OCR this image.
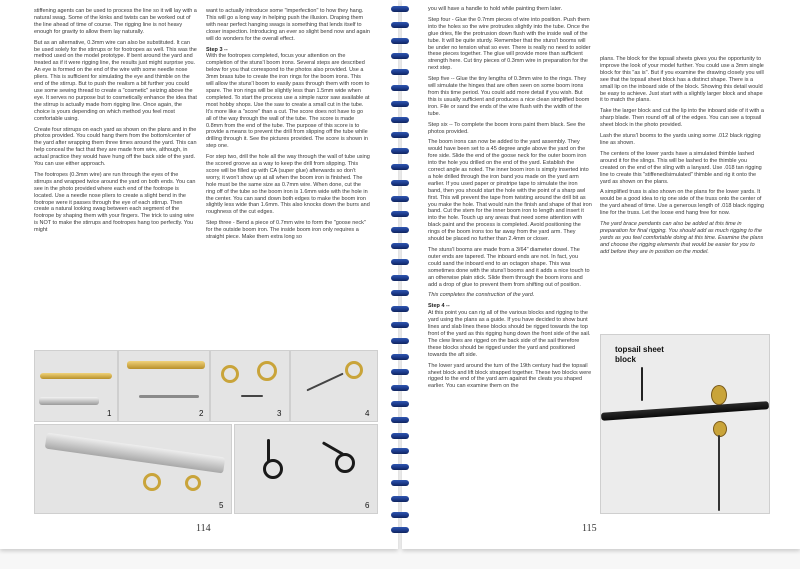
stiffening agents can be used to process the line so it will lay with a natural swag. Some of the kinks and twists can be worked out of the line ahead of time of course. The rigging line is not heavy enough for gravity to allow them lay naturally.

But as an alternative, 0.3mm wire can also be substituted. It can be used solely for the stirrups or for footropes as well. This was the method used on the model prototype. If bent around the yard and treated as if it were rigging line, the results just might surprise you. An eye is formed on the end of the wire with some needle nose pliers. This is sufficient for simulating the eye and thimble on the end of the stirrup. But to push the realism a bit further you could use some sewing thread to create a "cosmetic" seizing above the eye. It serves no purpose but to cosmetically enhance the idea that the stirrup is actually made from rigging line. Once again, the choice is yours depending on which method you feel most comfortable using.

Create four stirrups on each yard as shown on the plans and in the photos provided. You could hang them from the bottom/center of the yard after wrapping them three times around the yard. This can help conceal the fact that they are made from wire, although, in actual practice they would have hung off the back side of the yard. You can use either approach.

The footropes (0.3mm wire) are run through the eyes of the stirrups and wrapped twice around the yard on both ends. You can see in the photo provided where each end of the footrope is located. Use a needle nose pliers to create a slight bend in the footrope were it passes through the eye of each stirrup. Then create a natural looking swag between each segment of the footrope by shaping them with your fingers. The trick to using wire is NOT to make the stirrups and footropes hang too perfectly. You might

want to actually introduce some "imperfection" to how they hang. This will go a long way in helping push the illusion. Draping them with near perfect hanging swags is something that lends itself to closer inspection. Introducing an ever so slight bend now and again will do wonders for the overall effect.

Step 3 --

With the footropes completed, focus your attention on the completion of the stuns'l boom irons. Several steps are described below for you that correspond to the photos also provided. Use a 3mm brass tube to create the iron rings for the boom irons. This will allow the stuns'l boom to easily pass through them with room to spare. The iron rings will be slightly less than 1.5mm wide when completed. To start the process use a simple razor saw available at most hobby shops. Use the saw to create a small cut in the tube. It's more like a "score" than a cut. The score does not have to go all of the way through the wall of the tube. The score is made 0.8mm from the end of the tube. The purpose of this score is to provide a means to prevent the drill from slipping off the tube while drilling through it. See the pictures provided. The score is shown in step one.

For step two, drill the hole all the way through the wall of tube using the scored groove as a way to keep the drill from slipping. This score will be filled up with CA (super glue) afterwards so don't worry, it won't show up at all when the boom iron is finished. The hole must be the same size as 0.7mm wire. When done, cut the ring off of the tube so the boom iron is 1.6mm wide with the hole in the center. You can sand down both edges to make the boom iron slightly less wide than 1.6mm. This also knocks down the burrs and roughness of the cut edges.

Step three - Bend a piece of 0.7mm wire to form the "goose neck" for the outside boom iron. The inside boom iron only requires a straight piece. Make them extra long so

1	2	3	4
5	6
114

you will have a handle to hold while painting them later.

Step four - Glue the 0.7mm pieces of wire into position. Push them into the holes so the wire protrudes slightly into the tube. Once the glue dries, file the protrusion down flush with the inside wall of the tube. It will be quite sturdy. Remember that the stuns'l booms will be under no tension what so ever. There is really no need to solder these pieces together. The glue will provide more than sufficient strength here. Cut tiny pieces of 0.3mm wire in preparation for the next step.

Step five -- Glue the tiny lengths of 0.3mm wire to the rings. They will simulate the hinges that are often seen on some boom irons from this time period. You could add more detail if you wish. But this is usually sufficient and produces a nice clean simplified boom iron. File or sand the ends of the wire flush with the width of the tube.

Step six -- To complete the boom irons paint them black. See the photos provided.

The boom irons can now be added to the yard assembly. They would have been set to a 45 degree angle above the yard on the fore side. Slide the end of the goose neck for the outer boom iron into the hole you drilled on the end of the yard. Establish the correct angle as noted. The inner boom iron is simply inserted into a hole drilled through the iron band you made on the yard arm earlier. If you used paper or pinstripe tape to simulate the iron band, then you should start the hole with the point of a sharp awl first. This will prevent the tape from twisting around the drill bit as you make the hole. That would ruin the finish and shape of that iron band. Cut the stem for the inner boom iron to length and insert it into the hole. Touch up any areas that need some attention with black paint and the process is completed. Avoid positioning the rings of the boom irons too far away from the yard arm. They should be placed no further than 2.4mm or closer.

The stuns'l booms are made from a 3/64" diameter dowel. The outer ends are tapered. The inboard ends are not. In fact, you could sand the inboard end to an octagon shape. This was sometimes done with the stuns'l booms and it adds a nice touch to an otherwise plain stick. Slide them through the boom irons and add a drop of glue to prevent them from shifting out of position.

This completes the construction of the yard.

Step 4 --

At this point you can rig all of the various blocks and rigging to the yard using the plans as a guide. If you have decided to show bunt lines and slab lines these blocks should be rigged towards the top front of the yard as this rigging hung down the front side of the sail. The clew lines are rigged on the back side of the sail therefore these blocks should be rigged under the yard and positioned towards the aft side.

The lower yard around the turn of the 19th century had the topsail sheet block and lift block strapped together. These two blocks were rigged to the end of the yard arm against the cleats you shaped earlier. You can examine them on the

plans. The block for the topsail sheets gives you the opportunity to improve the look of your model further. You could use a 3mm single block for this "as is". But if you examine the drawing closely you will see that the topsail sheet block has a distinct shape. There is a small lip on the inboard side of the block. Showing this detail would be easy to achieve. Just start with a slightly larger block and shape it to match the plans.

Take the larger block and cut the lip into the inboard side of it with a sharp blade. Then round off all of the edges. You can see a topsail sheet block in the photo provided.

Lash the stuns'l booms to the yards using some .012 black rigging line as shown.

The centers of the lower yards have a simulated thimble lashed around it for the slings. This will be lashed to the thimble you created on the end of the sling with a lanyard. Use .018 tan rigging line to create this "stiffened/simulated" thimble and rig it onto the yard as shown on the plans.

A simplified truss is also shown on the plans for the lower yards. It would be a good idea to rig one side of the truss onto the center of the yard ahead of time. Use a generous length of .018 black rigging line for the truss. Let the loose end hang free for now.

The yard brace pendants can also be added at this time in preparation for final rigging. You should add as much rigging to the yards as you feel comfortable doing at this time. Examine the plans and choose the rigging elements that would be easier for you to add before they are in position on the model.

topsail sheet block
115
